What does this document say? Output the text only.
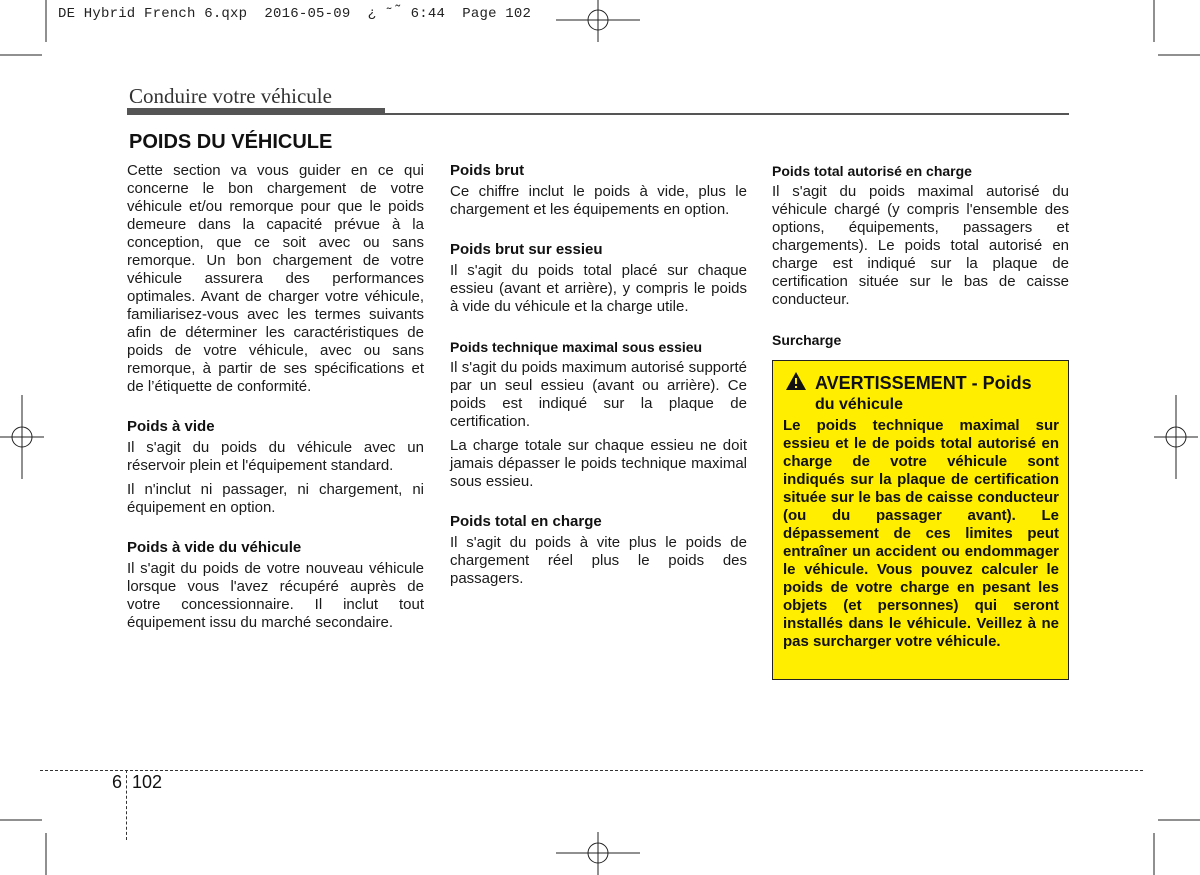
DE Hybrid French 6.qxp  2016-05-09  ¿ ˜ ̃ 6:44  Page 102
Conduire votre véhicule
POIDS DU VÉHICULE

Cette section va vous guider en ce qui concerne le bon chargement de votre véhicule et/ou remorque pour que le poids demeure dans la capacité prévue à la conception, que ce soit avec ou sans remorque. Un bon chargement de votre véhicule assurera des performances optimales. Avant de charger votre véhicule, familiarisez-vous avec les termes suivants afin de déterminer les caractéristiques de poids de votre véhicule, avec ou sans remorque, à partir de ses spécifications et de l’étiquette de conformité.

Poids à vide

Il s'agit du poids du véhicule avec un réservoir plein et l'équipement standard.

Il n'inclut ni passager, ni chargement, ni équipement en option.

Poids à vide du véhicule

Il s'agit du poids de votre nouveau véhicule lorsque vous l'avez récupéré auprès de votre concessionnaire. Il inclut tout équipement issu du marché secondaire.

Poids brut

Ce chiffre inclut le poids à vide, plus le chargement et les équipements en option.

Poids brut sur essieu

Il s'agit du poids total placé sur chaque essieu (avant et arrière), y compris le poids à vide du véhicule et la charge utile.

Poids technique maximal sous essieu

Il s'agit du poids maximum autorisé supporté par un seul essieu (avant ou arrière). Ce poids est indiqué sur la plaque de certification.

La charge totale sur chaque essieu ne doit jamais dépasser le poids technique maximal sous essieu.

Poids total en charge

Il s'agit du poids à vite plus le poids de chargement réel plus le poids des passagers.

Poids total autorisé en charge

Il s'agit du poids maximal autorisé du véhicule chargé (y compris l'ensemble des options, équipements, passagers et chargements). Le poids total autorisé en charge est indiqué sur la plaque de certification située sur le bas de caisse conducteur.

Surcharge
AVERTISSEMENT - Poids
du véhicule

Le poids technique maximal sur essieu et le de poids total autorisé en charge de votre véhicule sont indiqués sur la plaque de certification située sur le bas de caisse conducteur (ou du passager avant). Le dépassement de ces limites peut entraîner un accident ou endommager le véhicule. Vous pouvez calculer le poids de votre charge en pesant les objets (et personnes) qui seront installés dans le véhicule. Veillez à ne pas surcharger votre véhicule.

6  102
